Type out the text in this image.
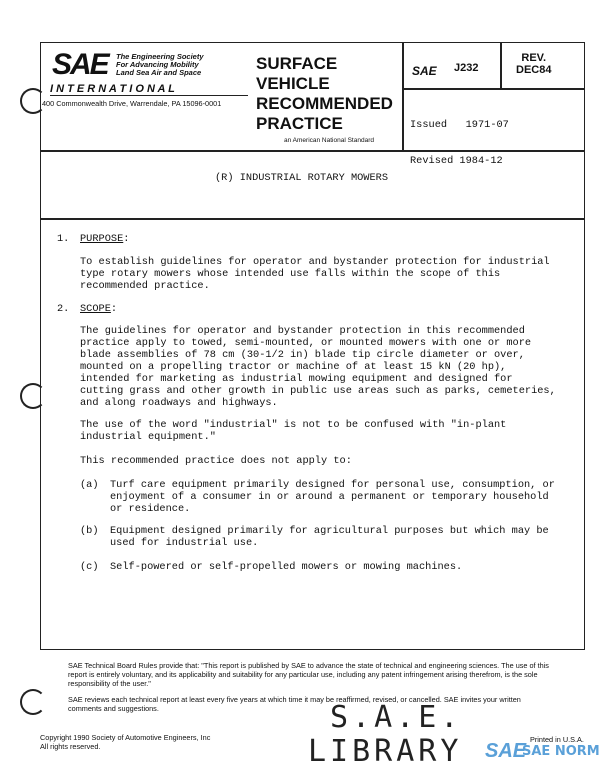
SAE The Engineering Society
For Advancing Mobility
Land Sea Air and Space
I N T E R N A T I O N A L
400 Commonwealth Drive, Warrendale, PA 15096-0001
SURFACE
VEHICLE
RECOMMENDED
PRACTICE
an American National Standard
SAE J232
REV.
DEC84

Issued   1971-07

Revised 1984-12

(R) INDUSTRIAL ROTARY MOWERS
1. PURPOSE:
To establish guidelines for operator and bystander protection for industrial
type rotary mowers whose intended use falls within the scope of this
recommended practice.
2. SCOPE:
The guidelines for operator and bystander protection in this recommended
practice apply to towed, semi-mounted, or mounted mowers with one or more
blade assemblies of 78 cm (30-1/2 in) blade tip circle diameter or over,
mounted on a propelling tractor or machine of at least 15 kN (20 hp),
intended for marketing as industrial mowing equipment and designed for
cutting grass and other growth in public use areas such as parks, cemeteries,
and along roadways and highways.
The use of the word "industrial" is not to be confused with "in-plant
industrial equipment."
This recommended practice does not apply to:
(a) Turf care equipment primarily designed for personal use, consumption, or
enjoyment of a consumer in or around a permanent or temporary household
or residence.
(b) Equipment designed primarily for agricultural purposes but which may be
used for industrial use.
(c) Self-powered or self-propelled mowers or mowing machines.
SAE Technical Board Rules provide that: "This report is published by SAE to advance the state of technical and engineering sciences. The use of this report is entirely voluntary, and its applicability and suitability for any particular use, including any patent infringement arising therefrom, is the sole responsibility of the user."
SAE reviews each technical report at least every five years at which time it may be reaffirmed, revised, or cancelled. SAE invites your written comments and suggestions.
Copyright 1990 Society of Automotive Engineers, Inc
All rights reserved.
S.A.E.
LIBRARY SAE
SAE NORM
Printed in U.S.A.
